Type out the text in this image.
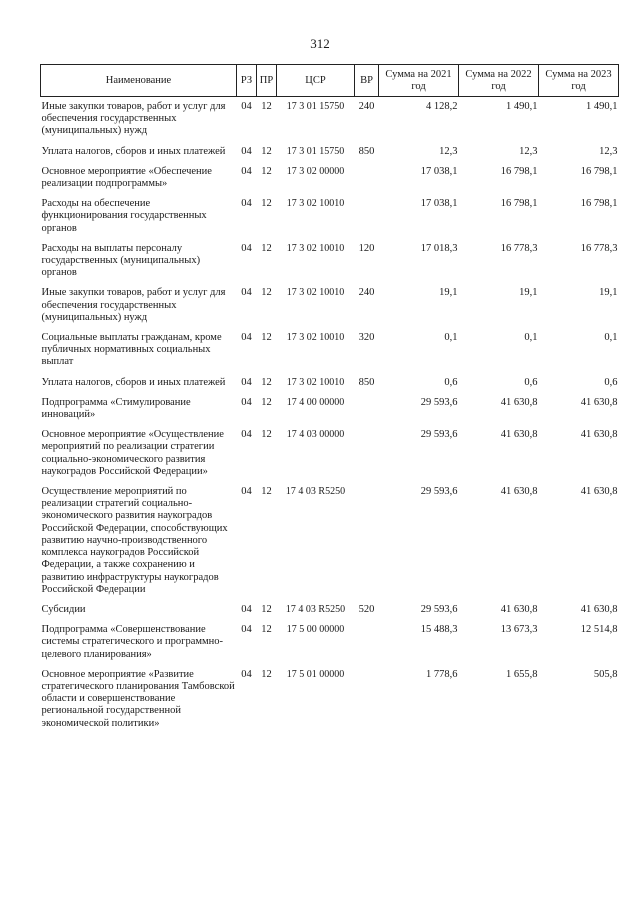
312
Наименование	РЗ	ПР	ЦСР	ВР	Сумма на 2021 год	Сумма на 2022 год	Сумма на 2023 год
Иные закупки товаров, работ и услуг для обеспечения государственных (муниципальных) нужд	04	12	17 3 01 15750	240	4 128,2	1 490,1	1 490,1
Уплата налогов, сборов и иных платежей	04	12	17 3 01 15750	850	12,3	12,3	12,3
Основное мероприятие «Обеспечение реализации подпрограммы»	04	12	17 3 02 00000		17 038,1	16 798,1	16 798,1
Расходы на обеспечение функционирования государственных органов	04	12	17 3 02 10010		17 038,1	16 798,1	16 798,1
Расходы на выплаты персоналу государственных (муниципальных) органов	04	12	17 3 02 10010	120	17 018,3	16 778,3	16 778,3
Иные закупки товаров, работ и услуг для обеспечения государственных (муниципальных) нужд	04	12	17 3 02 10010	240	19,1	19,1	19,1
Социальные выплаты гражданам, кроме публичных нормативных социальных выплат	04	12	17 3 02 10010	320	0,1	0,1	0,1
Уплата налогов, сборов и иных платежей	04	12	17 3 02 10010	850	0,6	0,6	0,6
Подпрограмма «Стимулирование инноваций»	04	12	17 4 00 00000		29 593,6	41 630,8	41 630,8
Основное мероприятие «Осуществление мероприятий по реализации стратегии социально-экономического развития наукоградов Российской Федерации»	04	12	17 4 03 00000		29 593,6	41 630,8	41 630,8
Осуществление мероприятий по реализации стратегий социально-экономического развития наукоградов Российской Федерации, способствующих развитию научно-производственного комплекса наукоградов Российской Федерации, а также сохранению и развитию инфраструктуры наукоградов Российской Федерации	04	12	17 4 03 R5250		29 593,6	41 630,8	41 630,8
Субсидии	04	12	17 4 03 R5250	520	29 593,6	41 630,8	41 630,8
Подпрограмма «Совершенствование системы стратегического и программно-целевого планирования»	04	12	17 5 00 00000		15 488,3	13 673,3	12 514,8
Основное мероприятие «Развитие стратегического планирования Тамбовской области и совершенствование региональной государственной экономической политики»	04	12	17 5 01 00000		1 778,6	1 655,8	505,8
